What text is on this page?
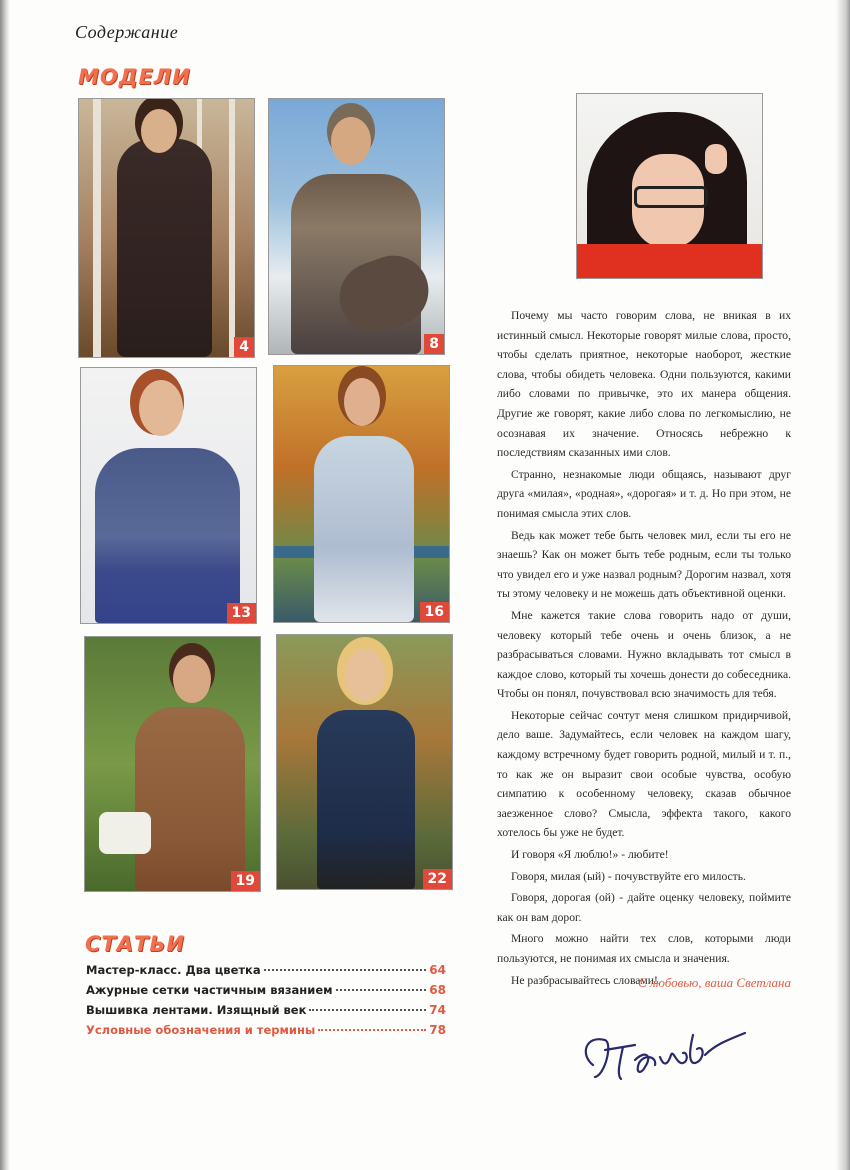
Содержание
МОДЕЛИ
4	8
13	16
19	22

Почему мы часто говорим слова, не вникая в их истинный смысл. Некоторые говорят милые слова, просто, чтобы сделать приятное, некоторые наоборот, жесткие слова, чтобы обидеть человека. Одни пользуются, какими либо словами по привычке, это их манера общения. Другие же говорят, какие либо слова по легкомыслию, не осознавая их значение. Относясь небрежно к последствиям сказанных ими слов.

Странно, незнакомые люди общаясь, называют друг друга «милая», «родная», «дорогая» и т. д. Но при этом, не понимая смысла этих слов.

Ведь как может тебе быть человек мил, если ты его не знаешь? Как он может быть тебе родным, если ты только что увидел его и уже назвал родным? Дорогим назвал, хотя ты этому человеку и не можешь дать объективной оценки.

Мне кажется такие слова говорить надо от души, человеку который тебе очень и очень близок, а не разбрасываться словами. Нужно вкладывать тот смысл в каждое слово, который ты хочешь донести до собеседника. Чтобы он понял, почувствовал всю значимость для тебя.

Некоторые сейчас сочтут меня слишком придирчивой, дело ваше. Задумайтесь, если человек на каждом шагу, каждому встречному будет говорить родной, милый и т. п., то как же он выразит свои особые чувства, особую симпатию к особенному человеку, сказав обычное заезженное слово? Смысла, эффекта такого, какого хотелось бы уже не будет.

И говоря «Я люблю!» - любите!

Говоря, милая (ый) - почувствуйте его милость.

Говоря, дорогая (ой) - дайте оценку человеку, поймите как он вам дорог.

Много можно найти тех слов, которыми люди пользуются, не понимая их смысла и значения.

Не разбрасывайтесь словами!

С любовью, ваша Светлана
СТАТЬИ
Мастер-класс. Два цветка	64
Ажурные сетки частичным вязанием	68
Вышивка лентами. Изящный век	74
Условные обозначения и термины	78
